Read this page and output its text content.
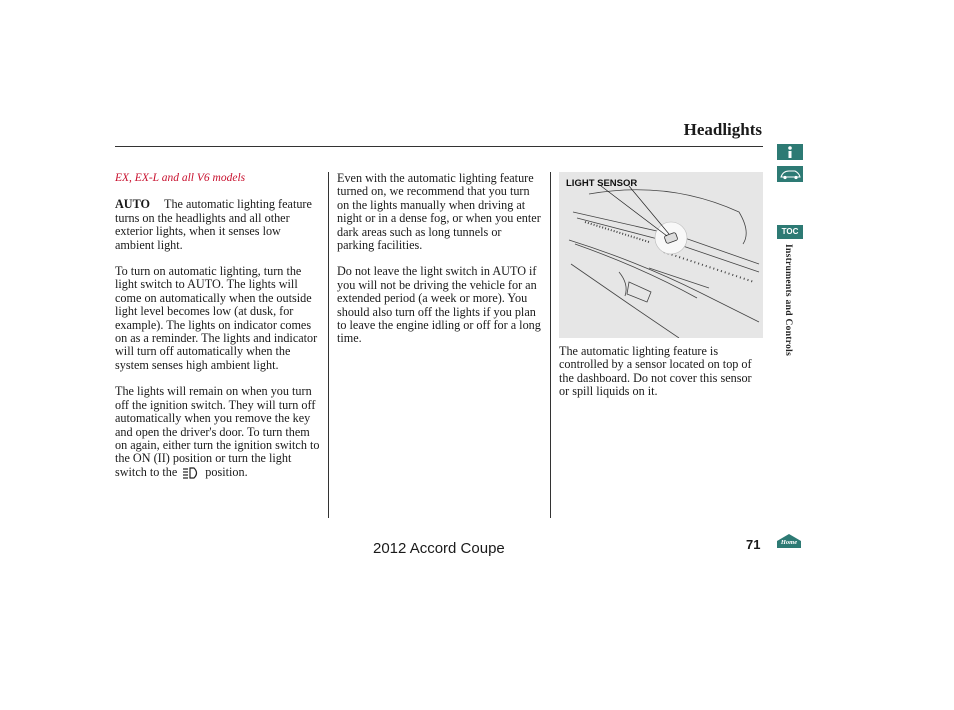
Headlights

EX, EX-L and all V6 models

AUTO The automatic lighting feature turns on the headlights and all other exterior lights, when it senses low ambient light.

To turn on automatic lighting, turn the light switch to AUTO. The lights will come on automatically when the outside light level becomes low (at dusk, for example). The lights on indicator comes on as a reminder. The lights and indicator will turn off automatically when the system senses high ambient light.

The lights will remain on when you turn off the ignition switch. They will turn off automatically when you remove the key and open the driver's door. To turn them on again, either turn the ignition switch to the ON (II) position or turn the light switch to the position.

Even with the automatic lighting feature turned on, we recommend that you turn on the lights manually when driving at night or in a dense fog, or when you enter dark areas such as long tunnels or parking facilities.

Do not leave the light switch in AUTO if you will not be driving the vehicle for an extended period (a week or more). You should also turn off the lights if you plan to leave the engine idling or off for a long time.

LIGHT SENSOR

The automatic lighting feature is controlled by a sensor located on top of the dashboard. Do not cover this sensor or spill liquids on it.

2012 Accord Coupe	71
TOC
Instruments and Controls
Home
